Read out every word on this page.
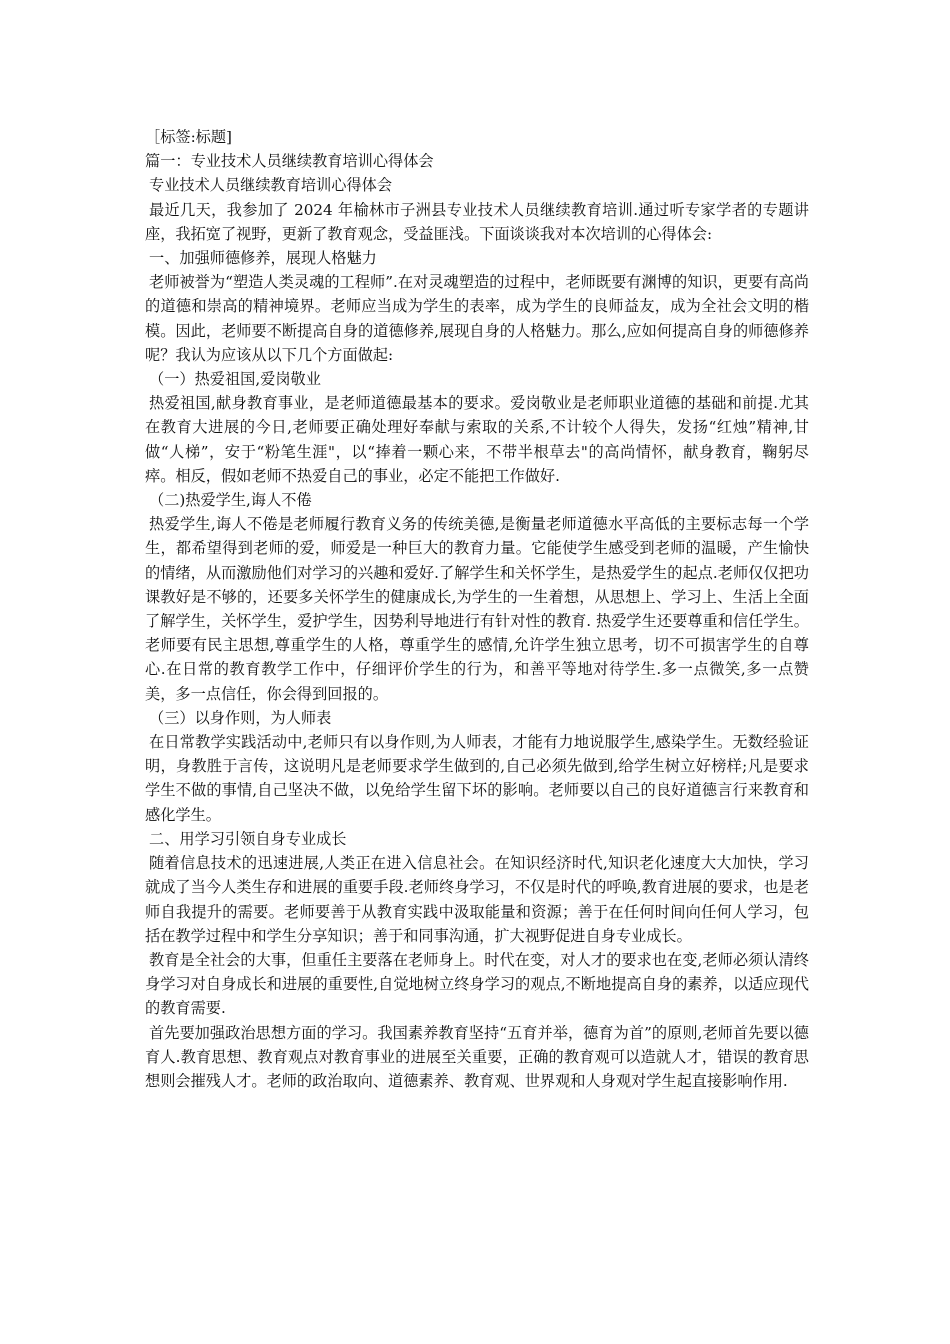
［标签:标题]

篇一：专业技术人员继续教育培训心得体会

专业技术人员继续教育培训心得体会

最近几天，我参加了 2024 年榆林市子洲县专业技术人员继续教育培训.通过听专家学者的专题讲座，我拓宽了视野，更新了教育观念，受益匪浅。下面谈谈我对本次培训的心得体会:

一、加强师德修养，展现人格魅力

老师被誉为“塑造人类灵魂的工程师”.在对灵魂塑造的过程中，老师既要有渊博的知识，更要有高尚的道德和崇高的精神境界。老师应当成为学生的表率，成为学生的良师益友，成为全社会文明的楷模。因此，老师要不断提高自身的道德修养,展现自身的人格魅力。那么,应如何提高自身的师德修养呢？我认为应该从以下几个方面做起:

（一）热爱祖国,爱岗敬业

热爱祖国,献身教育事业，是老师道德最基本的要求。爱岗敬业是老师职业道德的基础和前提.尤其在教育大进展的今日,老师要正确处理好奉献与索取的关系,不计较个人得失，发扬“红烛”精神,甘做“人梯”，安于“粉笔生涯"，以“捧着一颗心来，不带半根草去"的高尚情怀，献身教育，鞠躬尽瘁。相反，假如老师不热爱自己的事业，必定不能把工作做好.

（二)热爱学生,诲人不倦

热爱学生,诲人不倦是老师履行教育义务的传统美德,是衡量老师道德水平高低的主要标志每一个学生，都希望得到老师的爱，师爱是一种巨大的教育力量。它能使学生感受到老师的温暖，产生愉快的情绪，从而激励他们对学习的兴趣和爱好.了解学生和关怀学生，是热爱学生的起点.老师仅仅把功课教好是不够的，还要多关怀学生的健康成长,为学生的一生着想，从思想上、学习上、生活上全面了解学生，关怀学生，爱护学生，因势利导地进行有针对性的教育. 热爱学生还要尊重和信任学生。老师要有民主思想,尊重学生的人格，尊重学生的感情,允许学生独立思考，切不可损害学生的自尊心.在日常的教育教学工作中，仔细评价学生的行为，和善平等地对待学生.多一点微笑,多一点赞美，多一点信任，你会得到回报的。

（三）以身作则，为人师表

在日常教学实践活动中,老师只有以身作则,为人师表，才能有力地说服学生,感染学生。无数经验证明，身教胜于言传，这说明凡是老师要求学生做到的,自己必须先做到,给学生树立好榜样;凡是要求学生不做的事情,自己坚决不做，以免给学生留下坏的影响。老师要以自己的良好道德言行来教育和感化学生。

二、用学习引领自身专业成长

随着信息技术的迅速进展,人类正在进入信息社会。在知识经济时代,知识老化速度大大加快，学习就成了当今人类生存和进展的重要手段.老师终身学习，不仅是时代的呼唤,教育进展的要求，也是老师自我提升的需要。老师要善于从教育实践中汲取能量和资源；善于在任何时间向任何人学习，包括在教学过程中和学生分享知识；善于和同事沟通，扩大视野促进自身专业成长。

教育是全社会的大事，但重任主要落在老师身上。时代在变，对人才的要求也在变,老师必须认清终身学习对自身成长和进展的重要性,自觉地树立终身学习的观点,不断地提高自身的素养，以适应现代的教育需要.

首先要加强政治思想方面的学习。我国素养教育坚持“五育并举，德育为首”的原则,老师首先要以德育人.教育思想、教育观点对教育事业的进展至关重要，正确的教育观可以造就人才，错误的教育思想则会摧残人才。老师的政治取向、道德素养、教育观、世界观和人身观对学生起直接影响作用.
